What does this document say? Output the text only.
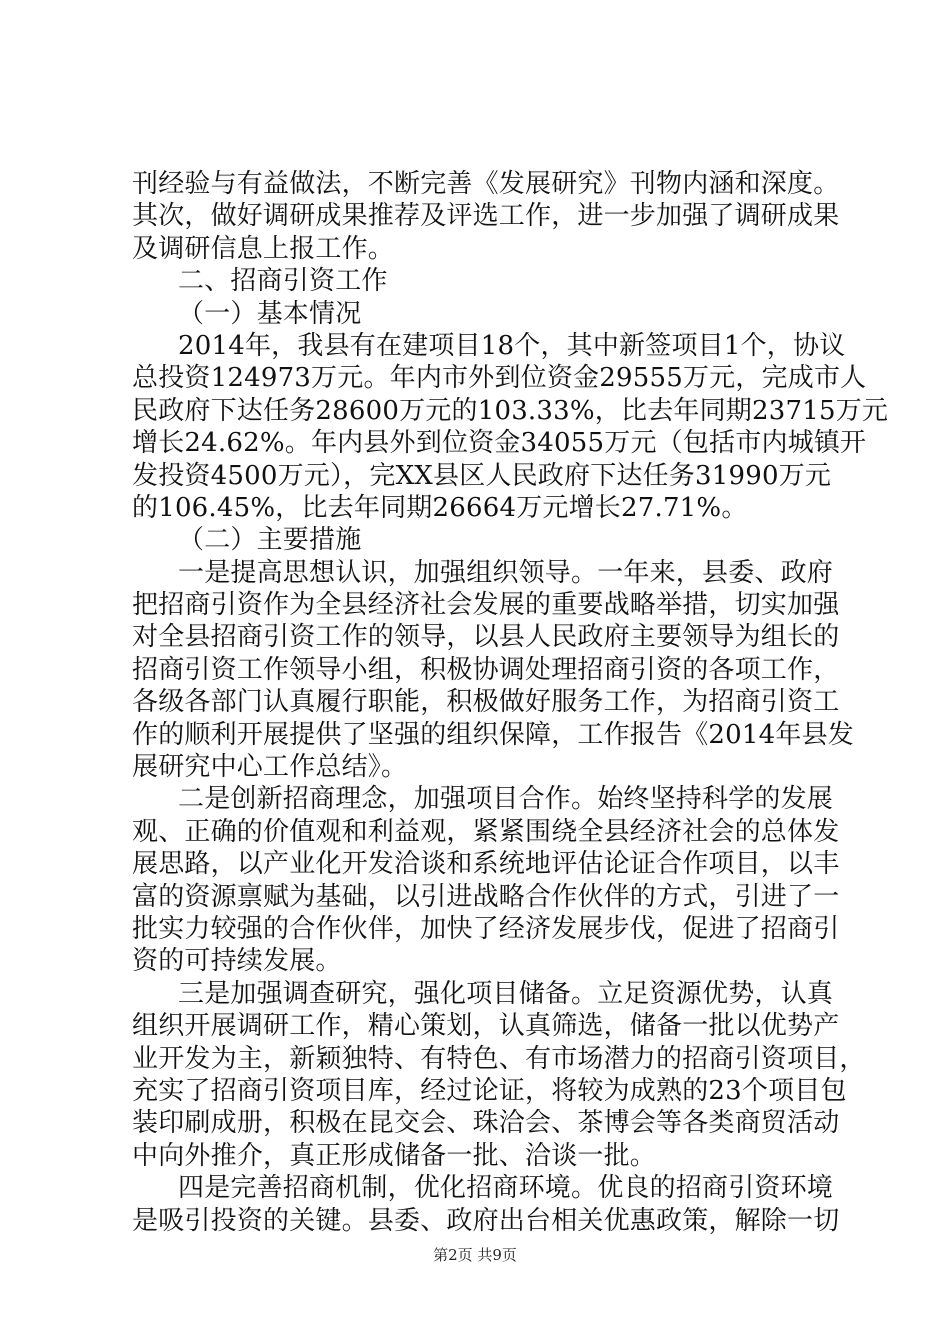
刊经验与有益做法，不断完善《发展研究》刊物内涵和深度。
其次，做好调研成果推荐及评选工作，进一步加强了调研成果
及调研信息上报工作。
二、招商引资工作
（一）基本情况
2014年，我县有在建项目18个，其中新签项目1个，协议
总投资124973万元。年内市外到位资金29555万元，完成市人
民政府下达任务28600万元的103.33%，比去年同期23715万元
增长24.62%。年内县外到位资金34055万元（包括市内城镇开
发投资4500万元），完XX县区人民政府下达任务31990万元
的106.45%，比去年同期26664万元增长27.71%。
（二）主要措施
一是提高思想认识，加强组织领导。一年来，县委、政府
把招商引资作为全县经济社会发展的重要战略举措，切实加强
对全县招商引资工作的领导，以县人民政府主要领导为组长的
招商引资工作领导小组，积极协调处理招商引资的各项工作，
各级各部门认真履行职能，积极做好服务工作，为招商引资工
作的顺利开展提供了坚强的组织保障，工作报告《2014年县发
展研究中心工作总结》。
二是创新招商理念，加强项目合作。始终坚持科学的发展
观、正确的价值观和利益观，紧紧围绕全县经济社会的总体发
展思路，以产业化开发洽谈和系统地评估论证合作项目，以丰
富的资源禀赋为基础，以引进战略合作伙伴的方式，引进了一
批实力较强的合作伙伴，加快了经济发展步伐，促进了招商引
资的可持续发展。
三是加强调查研究，强化项目储备。立足资源优势，认真
组织开展调研工作，精心策划，认真筛选，储备一批以优势产
业开发为主，新颖独特、有特色、有市场潜力的招商引资项目，
充实了招商引资项目库，经过论证，将较为成熟的23个项目包
装印刷成册，积极在昆交会、珠洽会、茶博会等各类商贸活动
中向外推介，真正形成储备一批、洽谈一批。
四是完善招商机制，优化招商环境。优良的招商引资环境
是吸引投资的关键。县委、政府出台相关优惠政策，解除一切
第2页 共9页
